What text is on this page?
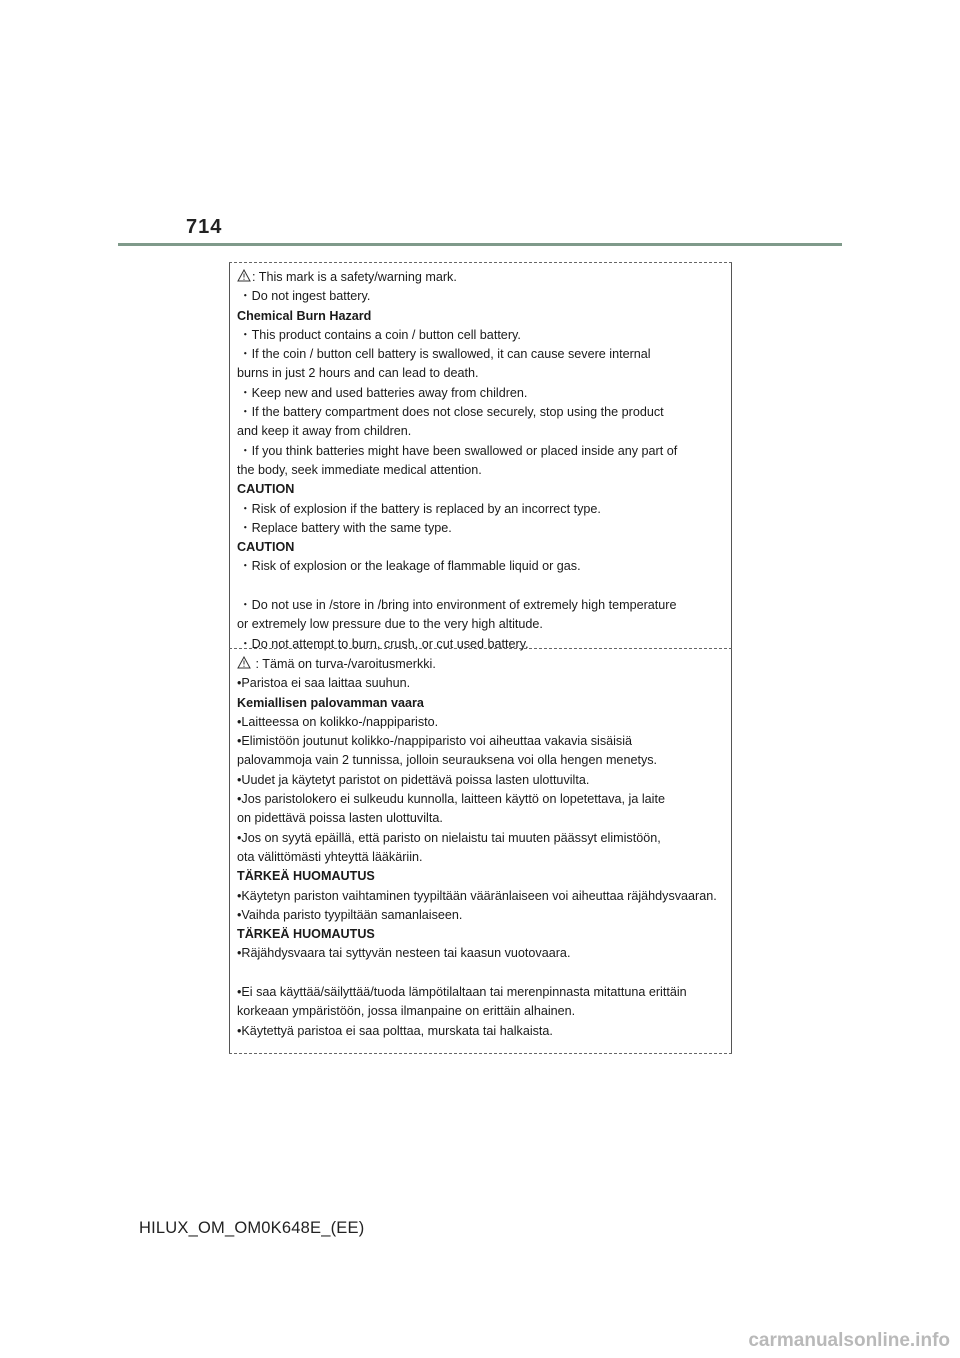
714
: This mark is a safety/warning mark.
・Do not ingest battery.
Chemical Burn Hazard
・This product contains a coin / button cell battery.
・If the coin / button cell battery is swallowed, it can cause severe internal
burns in just 2 hours and can lead to death.
・Keep new and used batteries away from children.
・If the battery compartment does not close securely, stop using the product
and keep it away from children.
・If you think batteries might have been swallowed or placed inside any part of
the body, seek immediate medical attention.
CAUTION
・Risk of explosion if the battery is replaced by an incorrect type.
・Replace battery with the same type.
CAUTION
・Risk of explosion or the leakage of flammable liquid or gas.
・Do not use in /store in /bring into environment of extremely high temperature
or extremely low pressure due to the very high altitude.
・Do not attempt to burn, crush, or cut used battery.
: Tämä on turva-/varoitusmerkki.
•Paristoa ei saa laittaa suuhun.
Kemiallisen palovamman vaara
•Laitteessa on kolikko-/nappiparisto.
•Elimistöön joutunut kolikko-/nappiparisto voi aiheuttaa vakavia sisäisiä
palovammoja vain 2 tunnissa, jolloin seurauksena voi olla hengen menetys.
•Uudet ja käytetyt paristot on pidettävä poissa lasten ulottuvilta.
•Jos paristolokero ei sulkeudu kunnolla, laitteen käyttö on lopetettava, ja laite
on pidettävä poissa lasten ulottuvilta.
•Jos on syytä epäillä, että paristo on nielaistu tai muuten päässyt elimistöön,
ota välittömästi yhteyttä lääkäriin.
TÄRKEÄ HUOMAUTUS
•Käytetyn pariston vaihtaminen tyypiltään vääränlaiseen voi aiheuttaa räjähdysvaaran.
•Vaihda paristo tyypiltään samanlaiseen.
TÄRKEÄ HUOMAUTUS
•Räjähdysvaara tai syttyvän nesteen tai kaasun vuotovaara.
•Ei saa käyttää/säilyttää/tuoda lämpötilaltaan tai merenpinnasta mitattuna erittäin
korkeaan ympäristöön, jossa ilmanpaine on erittäin alhainen.
•Käytettyä paristoa ei saa polttaa, murskata tai halkaista.
HILUX_OM_OM0K648E_(EE)
carmanualsonline.info
